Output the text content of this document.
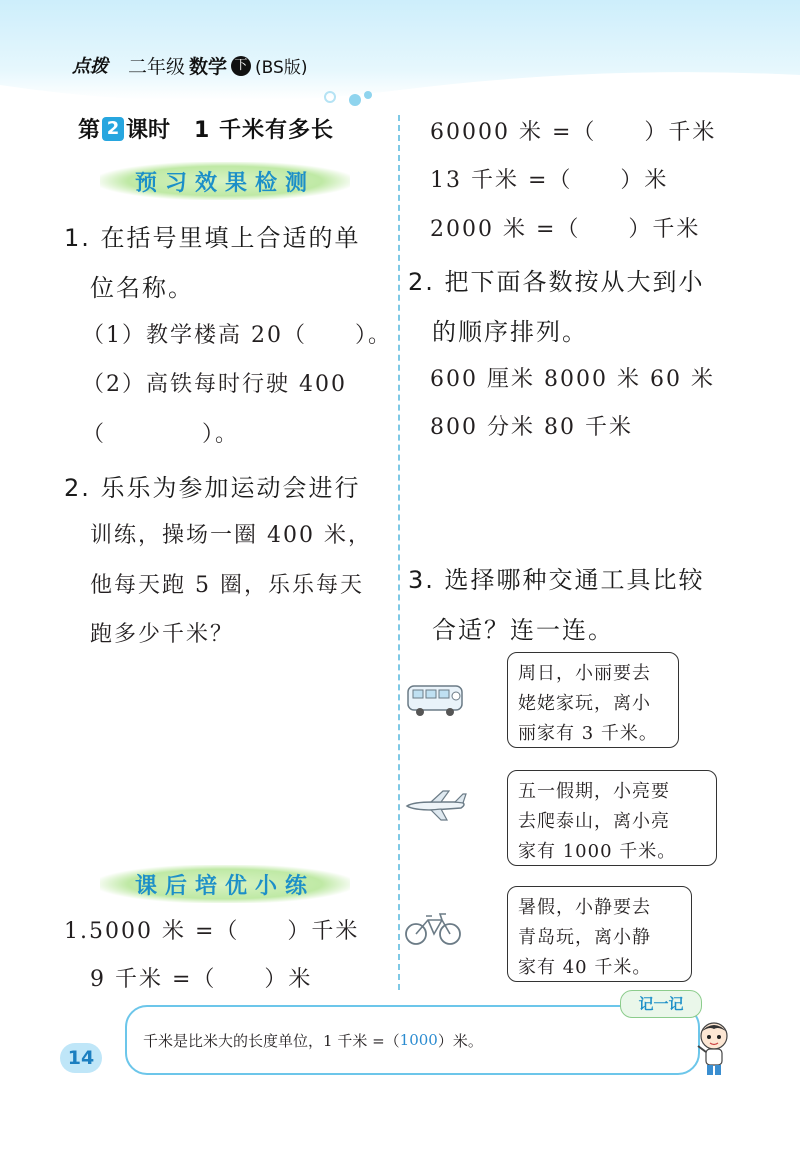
点拨 二年级 数学 下 (BS版)
第 2 课时 1 千米有多长
预习效果检测
1. 在括号里填上合适的单
位名称。
（1）教学楼高 20（　　）。
（2）高铁每时行驶 400
（　　　　）。
2. 乐乐为参加运动会进行
训练，操场一圈 400 米，
他每天跑 5 圈，乐乐每天
跑多少千米？
课后培优小练
1.5000 米 =（　　）千米
9 千米 =（　　）米
60000 米 =（　　）千米
13 千米 =（　　）米
2000 米 =（　　）千米
2. 把下面各数按从大到小
的顺序排列。
600 厘米 8000 米 60 米
800 分米 80 千米
3. 选择哪种交通工具比较
合适？连一连。
周日，小丽要去
姥姥家玩，离小
丽家有 3 千米。
五一假期，小亮要
去爬泰山，离小亮
家有 1000 千米。
暑假，小静要去
青岛玩，离小静
家有 40 千米。
千米是比米大的长度单位，1 千米 =（ 1000 ）米。
记一记
14
